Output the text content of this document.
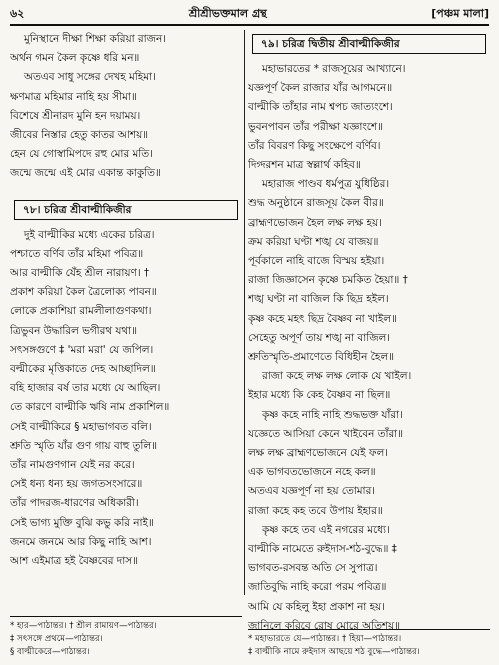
৬২	শ্রীশ্রীভক্তমাল গ্রন্থ	[পঞ্চম মালা]
মুনিস্থানে দীক্ষা শিক্ষা করিয়া রাজন।
অর্থন গমন কৈল কৃষ্ণে ধরি মন॥
অতএব সাধু সঙ্গের দেখহ মহিমা।
ক্ষণমাত্র মহিমার নাহি হয় সীমা॥
বিশেষে শ্রীনারদ মুনি হন দয়াময়।
জীবের নিস্তার হেতু কাতর আশয়॥
হেন যে গোস্বামিপদে রহু মোর মতি।
জন্মে জন্মে এই মোর একান্ত কাকুতি॥
৭৮। চরিত্র শ্রীবাল্মীকিজীর
দুই বাল্মীকির মধ্যে একের চরিত্র।
পশ্চাতে বর্ণিব তাঁর মহিমা পবিত্র॥
আর বাল্মীকি যেঁহ শ্রীল নারায়ণ। †
প্রকাশ করিয়া কৈল ত্রৈলোক্য পাবন॥
লোকে প্রকাশিয়া রামলীলাগুণকথা।
ত্রিভুবন উদ্ধারিল ভগীরথ যথা॥
সৎসঙ্গগুণে ‡ 'মরা মরা' যে জপিল।
বল্মীকের মৃত্তিকাতে দেহ আচ্ছাদিল॥
বহি হাজার বর্ষ তার মধ্যে যে আছিল।
তে কারণে বাল্মীকি ঋষি নাম প্রকাশিল॥
সেই বাল্মীকিরে § মহাভাগবত বলি।
শ্রুতি স্মৃতি যাঁর গুণ গায় বাহু তুলি॥
তাঁর নামগুণগান যেই নর করে।
সেই ধন্য ধন্য হয় জগতসংসারে॥
তাঁর পাদরজ-ধারণের অধিকারী।
সেই ভাগ্য মুক্তি বুঝি কভু করি নাই॥
জনমে জনমে আর কিছু নাহি আশ।
আশ এইমাত্র হই বৈষ্ণবের দাস॥
৭৯। চরিত্র দ্বিতীয় শ্রীবাল্মীকিজীর
মহাভারতের * রাজসূয়ের আখ্যানে।
যজ্ঞপূর্ণ কৈল রাজার যাঁর আগমনে॥
বাল্মীকি তাঁহার নাম শ্বপচ জাত্যংশে।
ভুবনপাবন তাঁর পরীক্ষা যজ্ঞাংশে॥
তাঁর বিবরণ কিছু সংক্ষেপে বর্ণিব।
দিগ্দরশন মাত্র স্বল্লার্থ কহিব॥
মহারাজ পাণ্ডব ধর্মপুত্র যুধিষ্ঠির।
শুদ্ধ অনুষ্ঠানে রাজসূয় কৈল বীর॥
ব্রাহ্মণভোজন হৈল লক্ষ লক্ষ হয়।
ক্রম করিয়া ঘণ্টা শঙ্খ যে বাজয়॥
পূর্বকালে নাহি বাজে বিস্ময় হইয়া।
রাজা জিজ্ঞাসেন কৃষ্ণে চমকিত হৈয়া॥ †
শঙ্খ ঘণ্টা না বাজিল কি ছিদ্র হইল।
কৃষ্ণ কহে মহৎ ছিদ্র বৈষ্ণব না খাইল॥
সেহেতু অপূর্ণ তায় শঙ্খ না বাজিল।
শ্রুতিস্মৃতি-প্রমাণেতে বিধিহীন হৈল॥
রাজা কহে লক্ষ লক্ষ লোক যে খাইল।
ইহার মধ্যে কি কেহ বৈষ্ণব না ছিল॥
কৃষ্ণ কহে নাহি নাহি শুদ্ধভক্ত যাঁরা।
যজ্ঞেতে আসিয়া কেনে খাইবেন তাঁরা॥
লক্ষ লক্ষ ব্রাহ্মণভোজনে যেই ফল।
এক ভাগবতভোজনে নহে কল॥
অতএব যজ্ঞপূর্ণ না হয় তোমার।
রাজা কহে কহ তবে উপায় ইহার॥
কৃষ্ণ কহে তব এই নগরের মধ্যে।
বাল্মীকি নামেতে রুইদাস-শঠ-বুদ্ধে॥ ‡
ভাগবত-রসবন্ত অতি সে সুপাত্র।
জাতিবুদ্ধি নাহি করো পরম পবিত্র॥
আমি যে কহিলু ইহা প্রকাশ না হয়।
জানিলে করিবে রোষ মোরে অতিশয়॥
* হার—পাঠান্তর। † শ্রীল রামায়ণ—পাঠান্তর।
‡ সৎসঙ্গে প্রথমে—পাঠান্তর।
§ বাল্মীকেরে—পাঠান্তর।
* মহাভারতে যে—পাঠান্তর। † হিয়া—পাঠান্তর।
‡ বাল্মীকি নামে রুইদাস আছয়ে শঠ বুদ্ধে—পাঠান্তর।
